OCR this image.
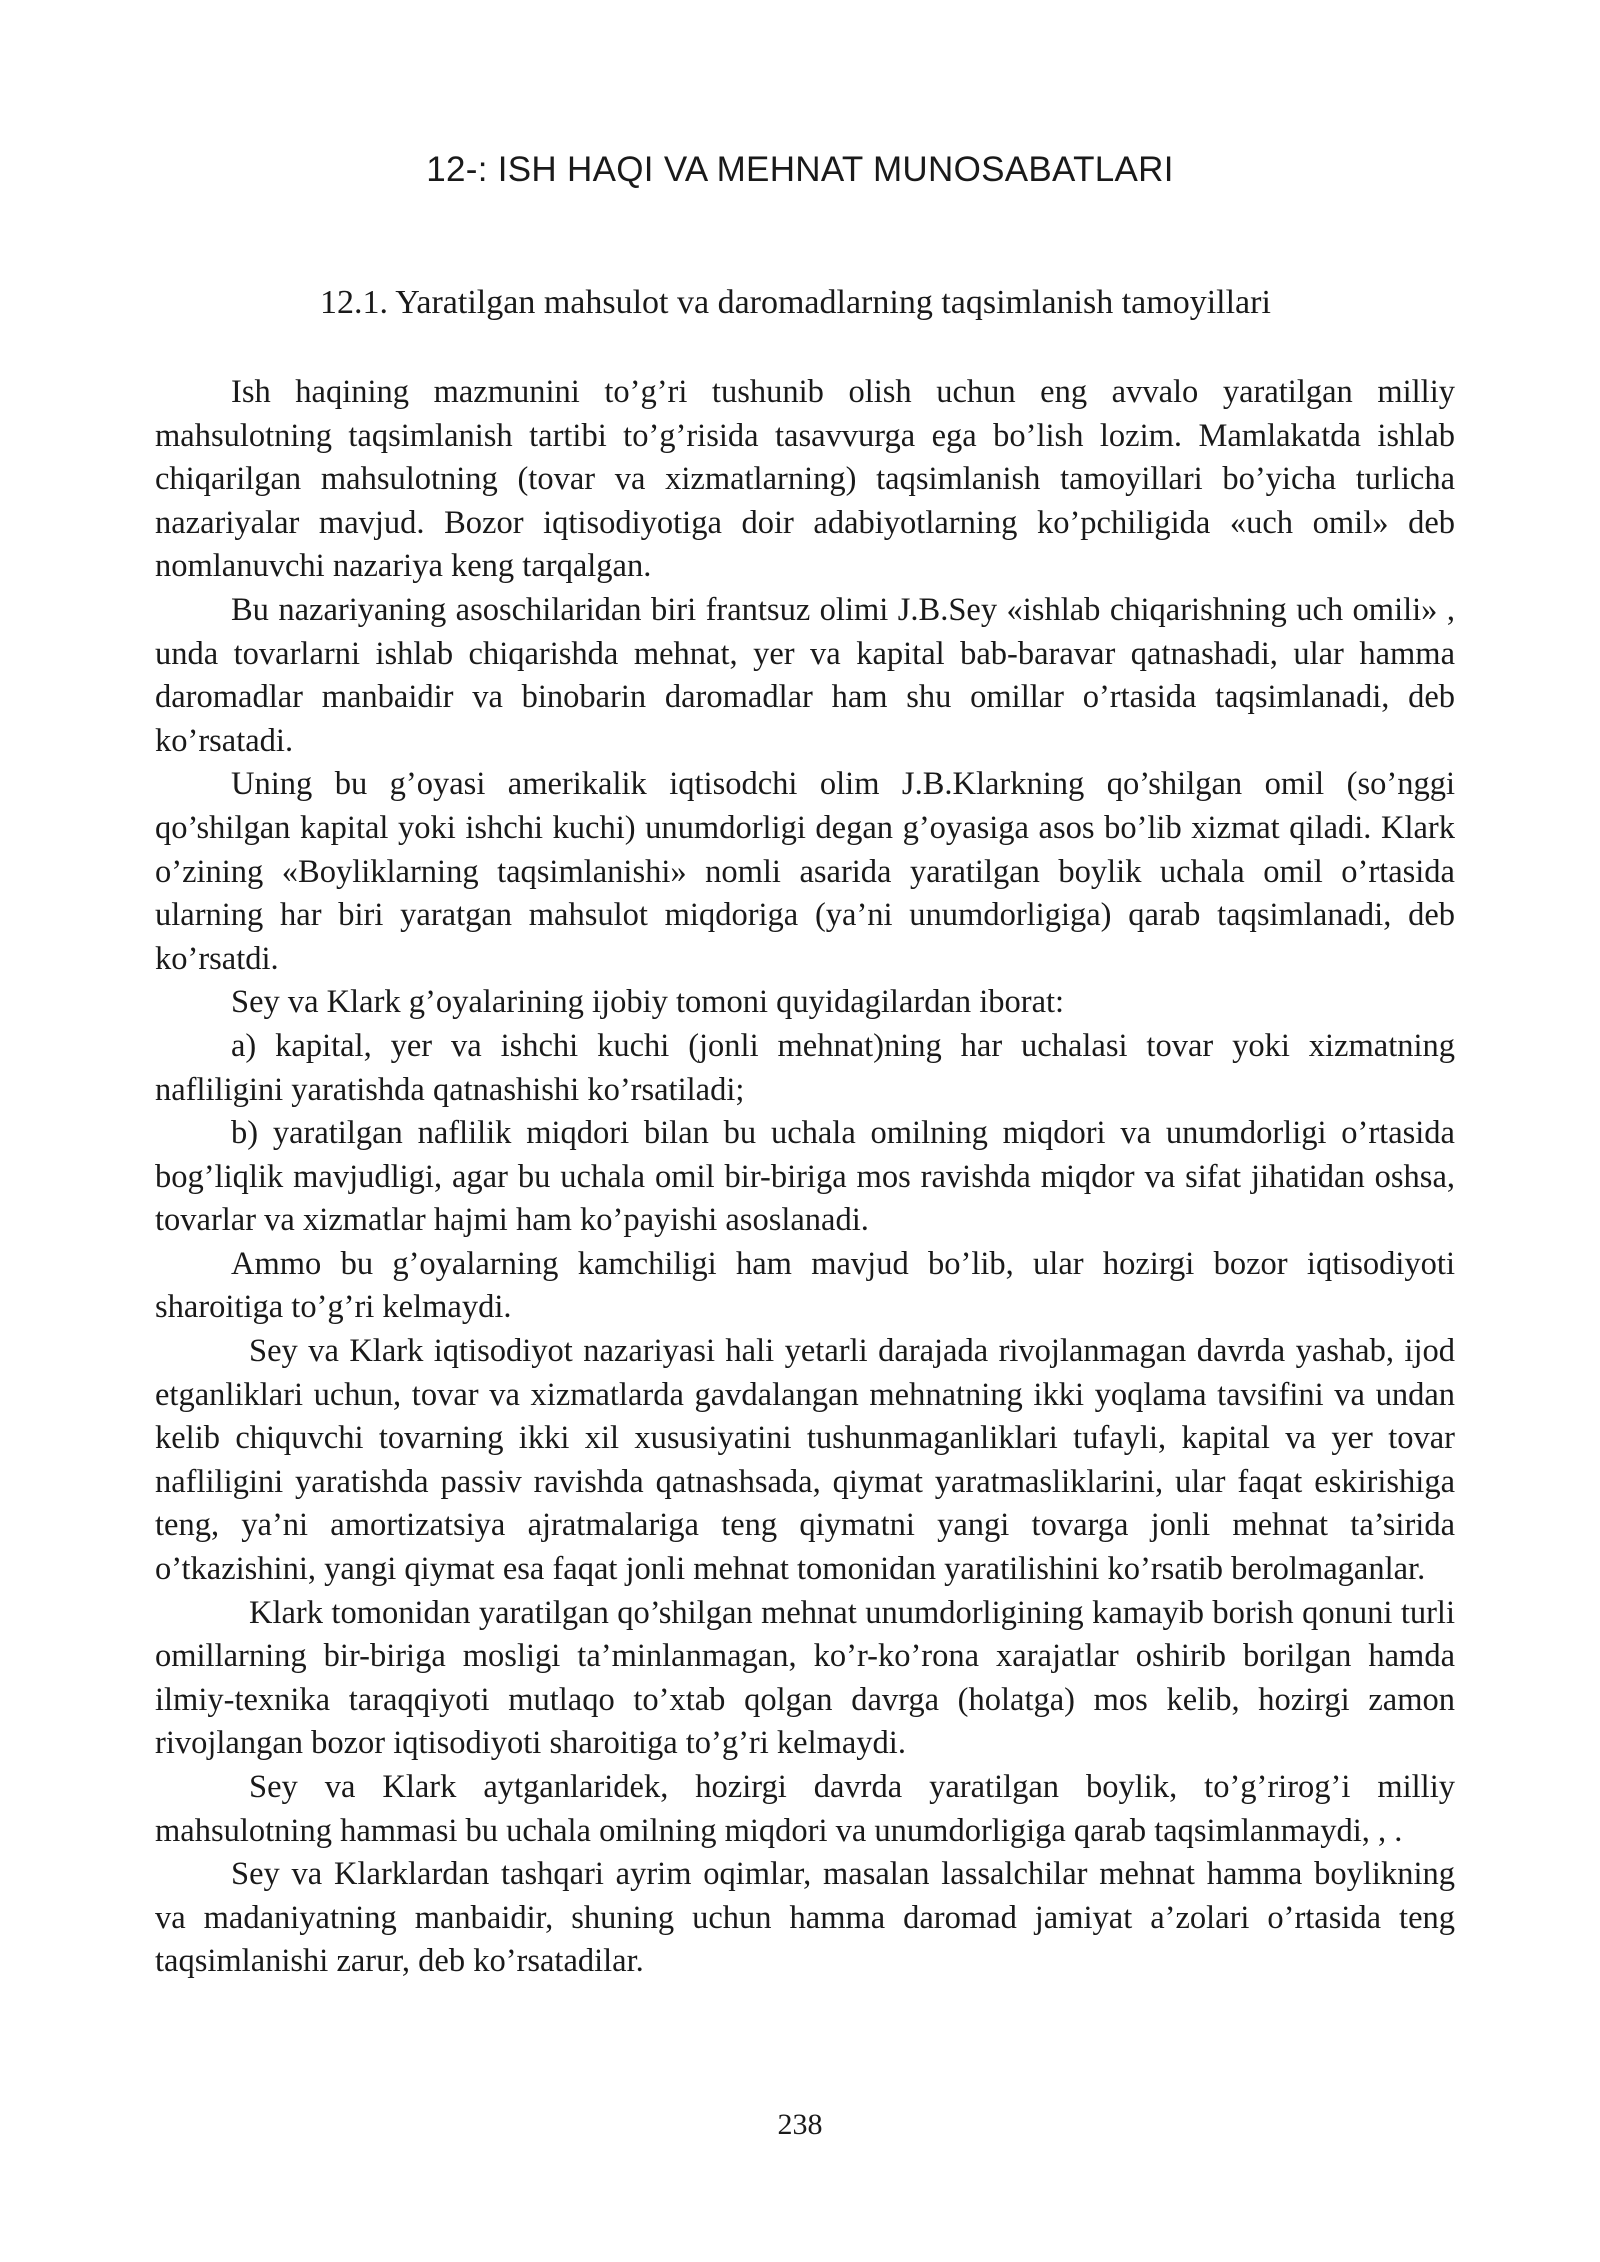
12-: ISH HAQI VA MEHNAT MUNOSABATLARI
12.1. Yaratilgan mahsulot va daromadlarning taqsimlanish tamoyillari

Ish haqining mazmunini to’g’ri tushunib olish uchun eng avvalo yaratilgan milliy mahsulotning taqsimlanish tartibi to’g’risida tasavvurga ega bo’lish lozim. Mamlakatda ishlab chiqarilgan mahsulotning (tovar va xizmatlarning) taqsimlanish tamoyillari bo’yicha turlicha nazariyalar mavjud. Bozor iqtisodiyotiga doir adabiyotlarning ko’pchiligida «uch omil» deb nomlanuvchi nazariya keng tarqalgan.

Bu nazariyaning asoschilaridan biri frantsuz olimi J.B.Sey «ishlab chiqarishning uch omili» , unda tovarlarni ishlab chiqarishda mehnat, yer va kapital bab-baravar qatnashadi, ular hamma daromadlar manbaidir va binobarin daromadlar ham shu omillar o’rtasida taqsimlanadi, deb ko’rsatadi.

Uning bu g’oyasi amerikalik iqtisodchi olim J.B.Klarkning qo’shilgan omil (so’nggi qo’shilgan kapital yoki ishchi kuchi) unumdorligi degan g’oyasiga asos bo’lib xizmat qiladi. Klark o’zining «Boyliklarning taqsimlanishi» nomli asarida yaratilgan boylik uchala omil o’rtasida ularning har biri yaratgan mahsulot miqdoriga (ya’ni unumdorligiga) qarab taqsimlanadi, deb ko’rsatdi.

Sey va Klark g’oyalarining ijobiy tomoni quyidagilardan iborat:

a) kapital, yer va ishchi kuchi (jonli mehnat)ning har uchalasi tovar yoki xizmatning nafliligini yaratishda qatnashishi ko’rsatiladi;

b) yaratilgan naflilik miqdori bilan bu uchala omilning miqdori va unumdorligi o’rtasida bog’liqlik mavjudligi, agar bu uchala omil bir-biriga mos ravishda miqdor va sifat jihatidan oshsa, tovarlar va xizmatlar hajmi ham ko’payishi asoslanadi.

Ammo bu g’oyalarning kamchiligi ham mavjud bo’lib, ular hozirgi bozor iqtisodiyoti sharoitiga to’g’ri kelmaydi.

Sey va Klark iqtisodiyot nazariyasi hali yetarli darajada rivojlanmagan davrda yashab, ijod etganliklari uchun, tovar va xizmatlarda gavdalangan mehnatning ikki yoqlama tavsifini va undan kelib chiquvchi tovarning ikki xil xususiyatini tushunmaganliklari tufayli, kapital va yer tovar nafliligini yaratishda passiv ravishda qatnashsada, qiymat yaratmasliklarini, ular faqat eskirishiga teng, ya’ni amortizatsiya ajratmalariga teng qiymatni yangi tovarga jonli mehnat ta’sirida o’tkazishini, yangi qiymat esa faqat jonli mehnat tomonidan yaratilishini ko’rsatib berolmaganlar.

Klark tomonidan yaratilgan qo’shilgan mehnat unumdorligining kamayib borish qonuni turli omillarning bir-biriga mosligi ta’minlanmagan, ko’r-ko’rona xarajatlar oshirib borilgan hamda ilmiy-texnika taraqqiyoti mutlaqo to’xtab qolgan davrga (holatga) mos kelib, hozirgi zamon rivojlangan bozor iqtisodiyoti sharoitiga to’g’ri kelmaydi.

Sey va Klark aytganlaridek, hozirgi davrda yaratilgan boylik, to’g’rirog’i milliy mahsulotning hammasi bu uchala omilning miqdori va unumdorligiga qarab taqsimlanmaydi, , .

Sey va Klarklardan tashqari ayrim oqimlar, masalan lassalchilar mehnat hamma boylikning va madaniyatning manbaidir, shuning uchun hamma daromad jamiyat a’zolari o’rtasida teng taqsimlanishi zarur, deb ko’rsatadilar.

238
